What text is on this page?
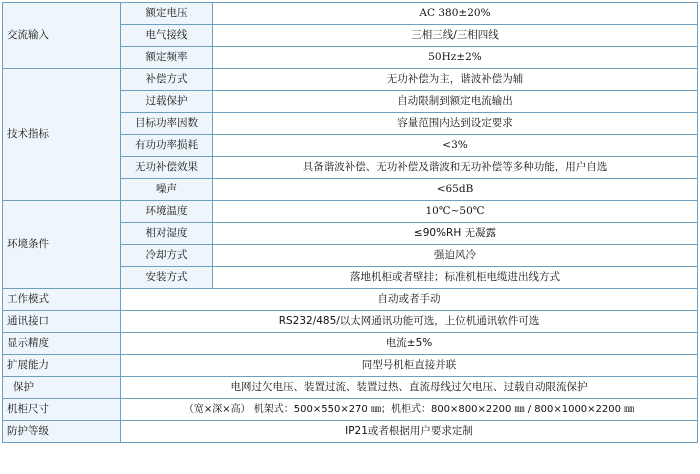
交流输入	额定电压	AC 380±20%
	电气接线	三相三线/三相四线
	额定频率	50Hz±2%
技术指标	补偿方式	无功补偿为主，谐波补偿为辅
	过载保护	自动限制到额定电流输出
	目标功率因数	容量范围内达到设定要求
	有功功率损耗	<3%
	无功补偿效果	具备谐波补偿、无功补偿及谐波和无功补偿等多种功能，用户自选
	噪声	<65dB
环境条件	环境温度	10℃~50℃
	相对湿度	≤90%RH 无凝露
	冷却方式	强迫风冷
	安装方式	落地机柜或者壁挂；标准机柜电缆进出线方式
工作模式	自动或者手动	
通讯接口	RS232/485/以太网通讯功能可选，上位机通讯软件可选	
显示精度	电流±5%	
扩展能力	同型号机柜直接并联	
保护	电网过欠电压、装置过流、装置过热、直流母线过欠电压、过载自动限流保护	
机柜尺寸	（宽×深×高） 机架式：500×550×270 ㎜；机柜式：800×800×2200 ㎜ / 800×1000×2200 ㎜	
防护等级	IP21或者根据用户要求定制	
